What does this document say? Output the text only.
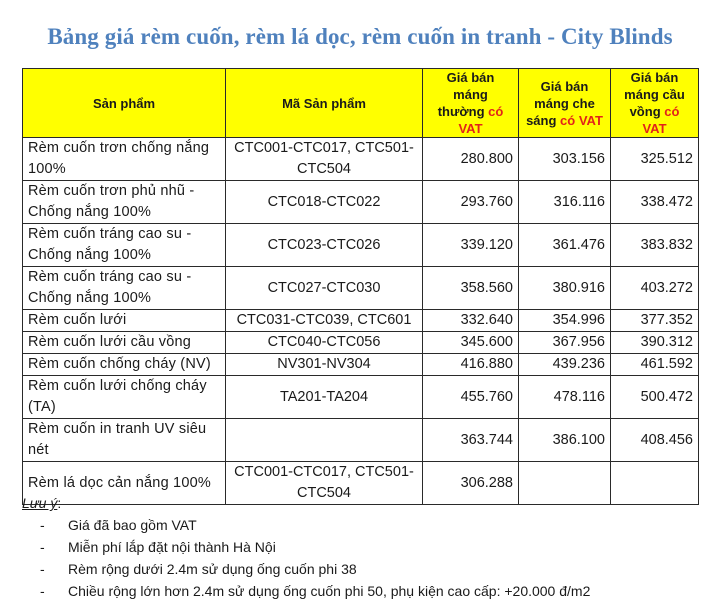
Bảng giá rèm cuốn, rèm lá dọc, rèm cuốn in tranh - City Blinds
Sản phẩm	Mã Sản phẩm	Giá bán máng thường có VAT	Giá bán máng che sáng có VAT	Giá bán máng cầu vồng có VAT
Rèm cuốn trơn chống nắng 100%	CTC001-CTC017, CTC501-CTC504	280.800	303.156	325.512
Rèm cuốn trơn phủ nhũ - Chống nắng 100%	CTC018-CTC022	293.760	316.116	338.472
Rèm cuốn tráng cao su - Chống nắng 100%	CTC023-CTC026	339.120	361.476	383.832
Rèm cuốn tráng cao su - Chống nắng 100%	CTC027-CTC030	358.560	380.916	403.272
Rèm cuốn lưới	CTC031-CTC039, CTC601	332.640	354.996	377.352
Rèm cuốn lưới cầu vồng	CTC040-CTC056	345.600	367.956	390.312
Rèm cuốn chống cháy (NV)	NV301-NV304	416.880	439.236	461.592
Rèm cuốn lưới chống cháy (TA)	TA201-TA204	455.760	478.116	500.472
Rèm cuốn in tranh UV siêu nét		363.744	386.100	408.456
Rèm lá dọc cản nắng 100%	CTC001-CTC017, CTC501-CTC504	306.288		
Lưu ý:
- Giá đã bao gồm VAT
- Miễn phí lắp đặt nội thành Hà Nội
- Rèm rộng dưới 2.4m sử dụng ống cuốn phi 38
- Chiều rộng lớn hơn 2.4m sử dụng ống cuốn phi 50, phụ kiện cao cấp: +20.000 đ/m2
